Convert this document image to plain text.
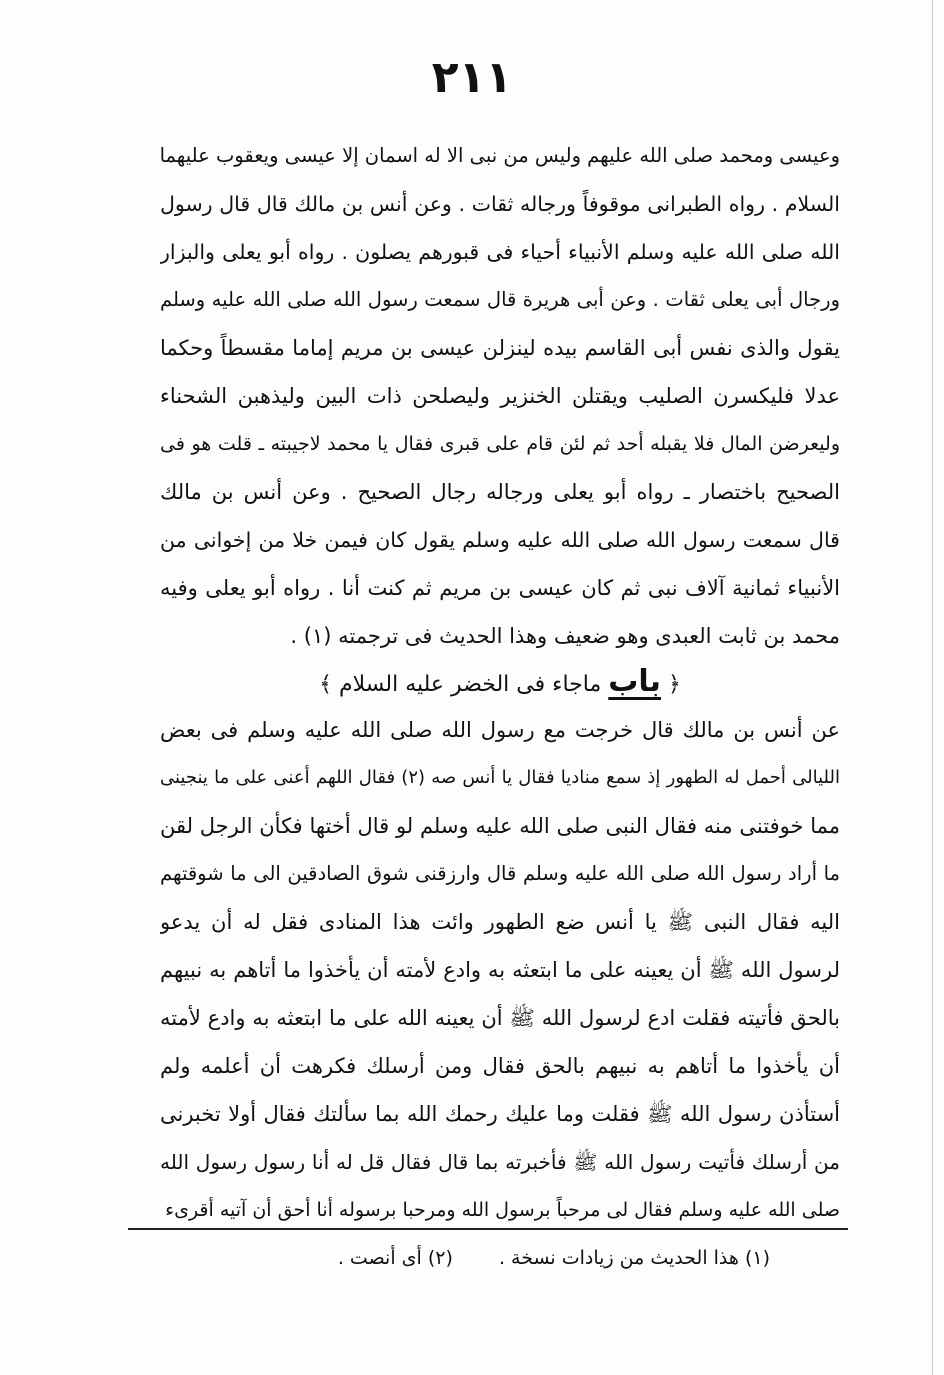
٢١١
وعيسى ومحمد صلى الله عليهم وليس من نبى الا له اسمان إلا عيسى ويعقوب عليهما
السلام . رواه الطبرانى موقوفاً ورجاله ثقات . وعن أنس بن مالك قال قال رسول
الله صلى الله عليه وسلم الأنبياء أحياء فى قبورهم يصلون . رواه أبو يعلى والبزار
ورجال أبى يعلى ثقات . وعن أبى هريرة قال سمعت رسول الله صلى الله عليه وسلم
يقول والذى نفس أبى القاسم بيده لينزلن عيسى بن مريم إماما مقسطاً وحكما
عدلا فليكسرن الصليب ويقتلن الخنزير وليصلحن ذات البين وليذهبن الشحناء
وليعرضن المال فلا يقبله أحد ثم لئن قام على قبرى فقال يا محمد لاجيبته ـ قلت هو فى
الصحيح باختصار ـ رواه أبو يعلى ورجاله رجال الصحيح . وعن أنس بن مالك
قال سمعت رسول الله صلى الله عليه وسلم يقول كان فيمن خلا من إخوانى من
الأنبياء ثمانية آلاف نبى ثم كان عيسى بن مريم ثم كنت أنا . رواه أبو يعلى وفيه
محمد بن ثابت العبدى وهو ضعيف وهذا الحديث فى ترجمته (١) .
﴿ باب ماجاء فى الخضر عليه السلام ﴾
عن أنس بن مالك قال خرجت مع رسول الله صلى الله عليه وسلم فى بعض
الليالى أحمل له الطهور إذ سمع مناديا فقال يا أنس صه (٢) فقال اللهم أعنى على ما ينجينى
مما خوفتنى منه فقال النبى صلى الله عليه وسلم لو قال أختها فكأن الرجل لقن
ما أراد رسول الله صلى الله عليه وسلم قال وارزقنى شوق الصادقين الى ما شوقتهم
اليه فقال النبى ﷺ يا أنس ضع الطهور وائت هذا المنادى فقل له أن يدعو
لرسول الله ﷺ أن يعينه على ما ابتعثه به وادع لأمته أن يأخذوا ما أتاهم به نبيهم
بالحق فأتيته فقلت ادع لرسول الله ﷺ أن يعينه الله على ما ابتعثه به وادع لأمته
أن يأخذوا ما أتاهم به نبيهم بالحق فقال ومن أرسلك فكرهت أن أعلمه ولم
أستأذن رسول الله ﷺ فقلت وما عليك رحمك الله بما سألتك فقال أولا تخبرنى
من أرسلك فأتيت رسول الله ﷺ فأخبرته بما قال فقال قل له أنا رسول رسول الله
صلى الله عليه وسلم فقال لى مرحباً برسول الله ومرحبا برسوله أنا أحق أن آتيه أقرىء
(١) هذا الحديث من زيادات نسخة . (٢) أى أنصت .
